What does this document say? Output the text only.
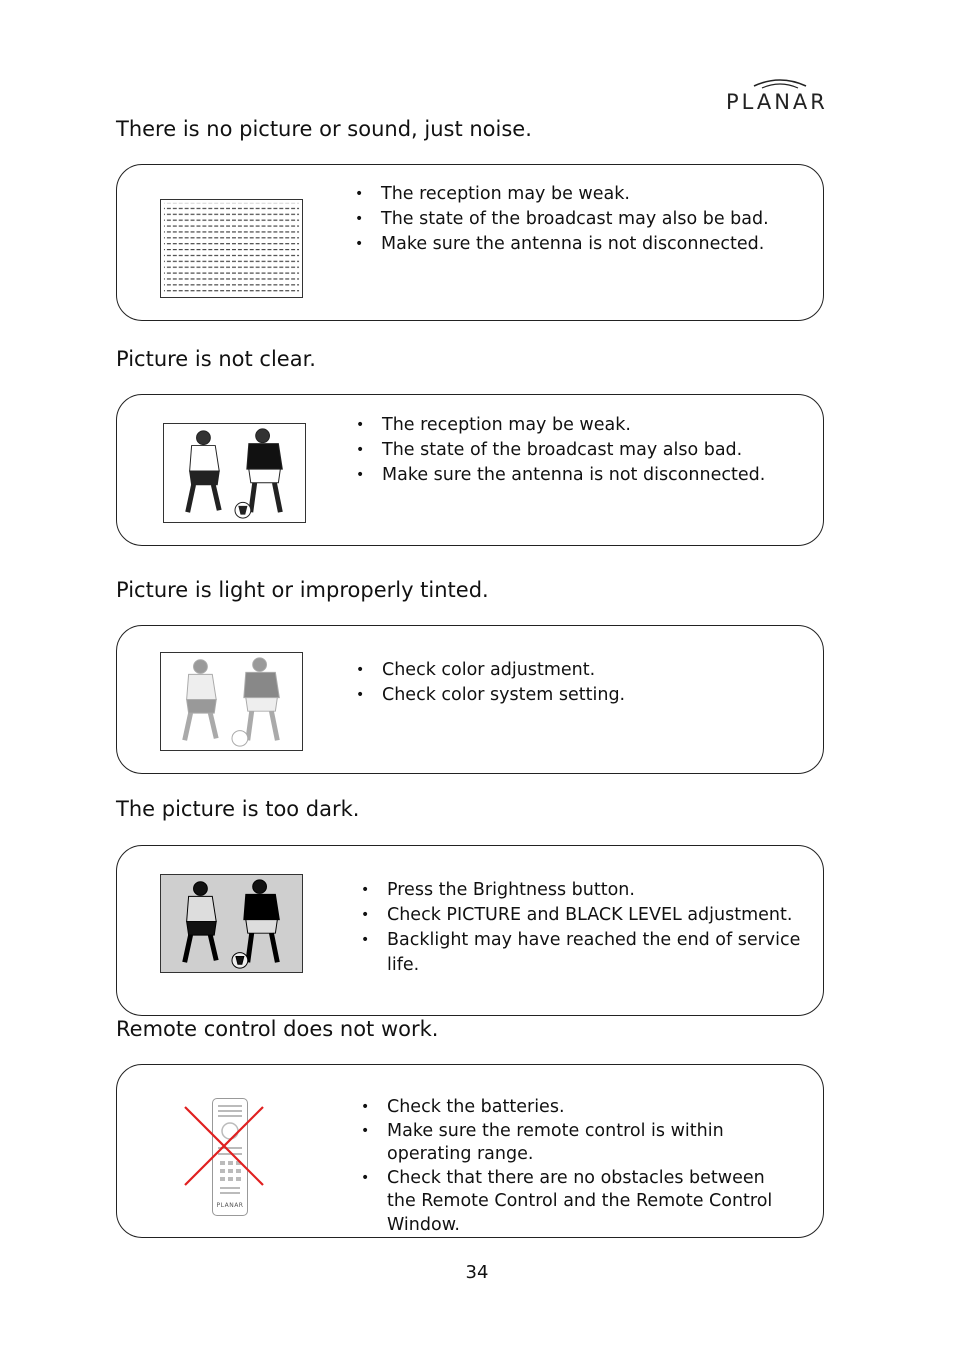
PLANAR
There is no picture or sound, just noise.
• The reception may be weak.
• The state of the broadcast may also be bad.
• Make sure the antenna is not disconnected.
Picture is not clear.
• The reception may be weak.
• The state of the broadcast may also bad.
• Make sure the antenna is not disconnected.
Picture is light or improperly tinted.
• Check color adjustment.
• Check color system setting.
The picture is too dark.
• Press the Brightness button.
• Check PICTURE and BLACK LEVEL adjustment.
• Backlight may have reached the end of service life.
Remote control does not work.
PLANAR
• Check the batteries.
• Make sure the remote control is within operating range.
• Check that there are no obstacles between the Remote Control and the Remote Control Window.
34
